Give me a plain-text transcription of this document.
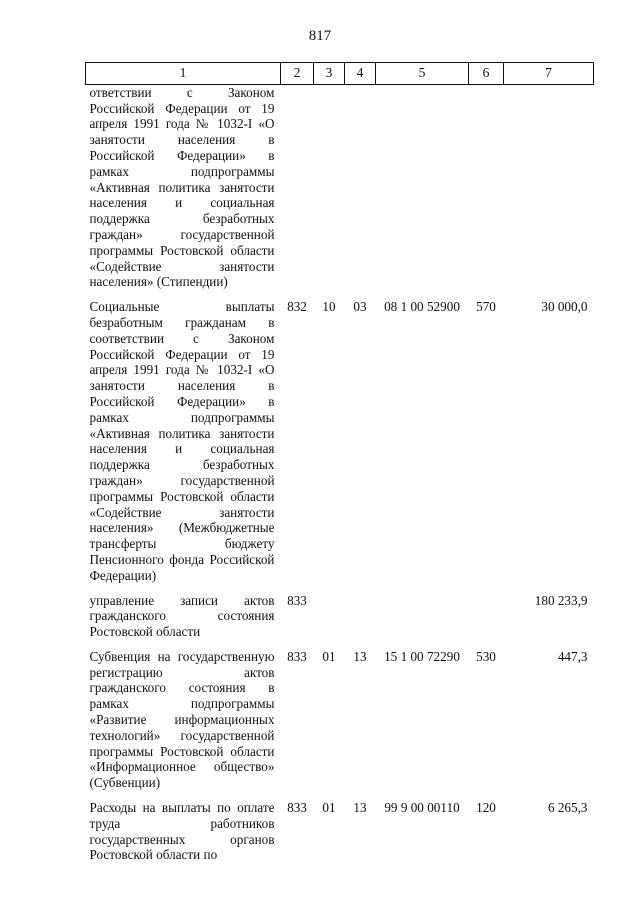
817
1	2	3	4	5	6	7
ответствии с Законом Российской Федерации от 19 апреля 1991 года № 1032-I «О занятости населения в Российской Федерации» в рамках подпрограммы «Активная политика занятости населения и социальная поддержка безработных граждан» государственной программы Ростовской области «Содействие занятости населения» (Стипендии)						
Социальные выплаты безработным гражданам в соответствии с Законом Российской Федерации от 19 апреля 1991 года № 1032-I «О занятости населения в Российской Федерации» в рамках подпрограммы «Активная политика занятости населения и социальная поддержка безработных граждан» государственной программы Ростовской области «Содействие занятости населения» (Межбюджетные трансферты бюджету Пенсионного фонда Российской Федерации)	832	10	03	08 1 00 52900	570	30 000,0
управление записи актов гражданского состояния Ростовской области	833					180 233,9
Субвенция на государственную регистрацию актов гражданского состояния в рамках подпрограммы «Развитие информационных технологий» государственной программы Ростовской области «Информационное общество» (Субвенции)	833	01	13	15 1 00 72290	530	447,3
Расходы на выплаты по оплате труда работников государственных органов Ростовской области по	833	01	13	99 9 00 00110	120	6 265,3
